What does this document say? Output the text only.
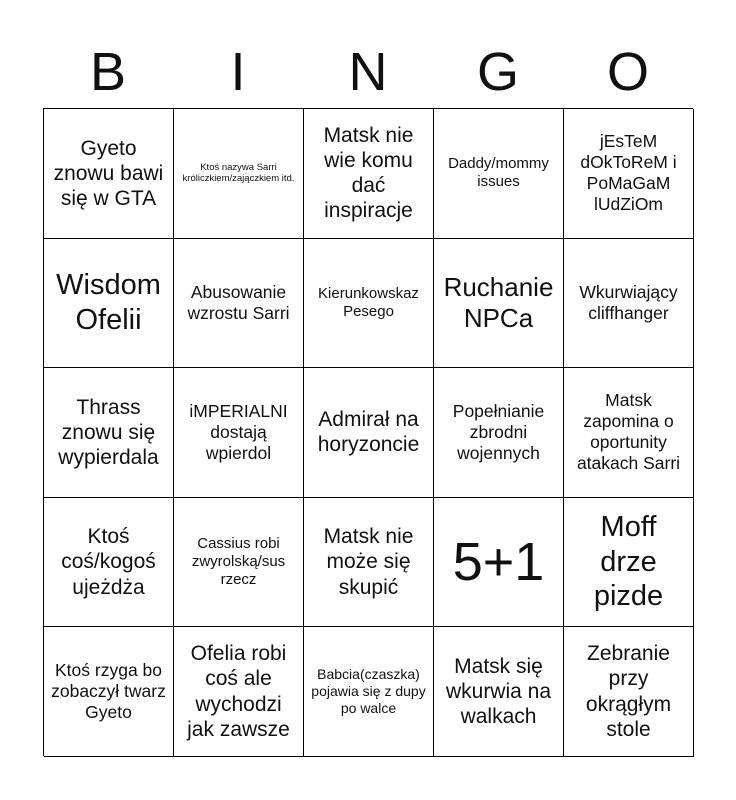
B	I	N	G	O
Gyeto znowu bawi się w GTA
Ktoś nazywa Sarri króliczkiem/zajączkiem itd.
Matsk nie wie komu dać inspiracje
Daddy/mommy issues
jEsTeM dOkToReM i PoMaGaM lUdZiOm
Wisdom Ofelii
Abusowanie wzrostu Sarri
Kierunkowskaz Pesego
Ruchanie NPCa
Wkurwiający cliffhanger
Thrass znowu się wypierdala
iMPERIALNI dostają wpierdol
Admirał na horyzoncie
Popełnianie zbrodni wojennych
Matsk zapomina o oportunity atakach Sarri
Ktoś coś/kogoś ujeżdża
Cassius robi zwyrolską/sus rzecz
Matsk nie może się skupić	5+1
Moff drze pizde
Ktoś rzyga bo zobaczył twarz Gyeto
Ofelia robi coś ale wychodzi jak zawsze
Babcia(czaszka) pojawia się z dupy po walce
Matsk się wkurwia na walkach
Zebranie przy okrągłym stole
